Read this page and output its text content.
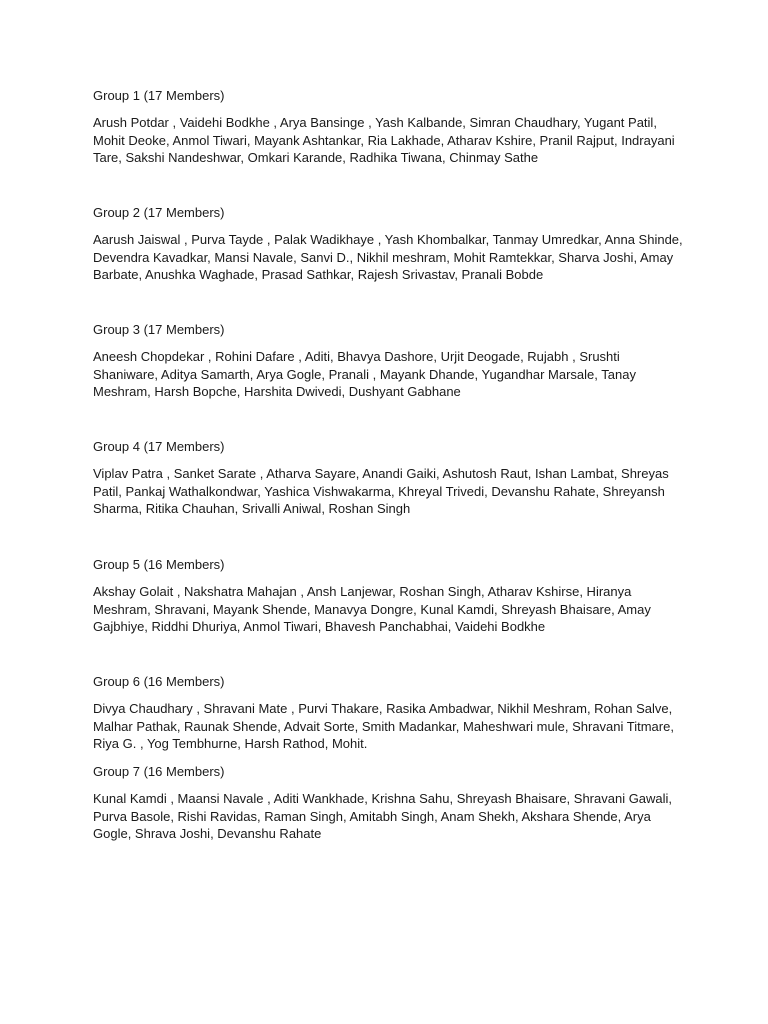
Group 1 (17 Members)

Arush Potdar , Vaidehi Bodkhe , Arya Bansinge , Yash Kalbande, Simran Chaudhary, Yugant Patil, Mohit Deoke, Anmol Tiwari, Mayank Ashtankar, Ria Lakhade, Atharav Kshire, Pranil Rajput, Indrayani Tare, Sakshi Nandeshwar, Omkari Karande, Radhika Tiwana, Chinmay Sathe

Group 2 (17 Members)

Aarush Jaiswal , Purva Tayde , Palak Wadikhaye , Yash Khombalkar, Tanmay Umredkar, Anna Shinde, Devendra Kavadkar, Mansi Navale, Sanvi D., Nikhil meshram, Mohit Ramtekkar, Sharva Joshi, Amay Barbate, Anushka Waghade, Prasad Sathkar, Rajesh Srivastav, Pranali Bobde

Group 3 (17 Members)

Aneesh Chopdekar , Rohini Dafare , Aditi, Bhavya Dashore, Urjit Deogade, Rujabh , Srushti Shaniware, Aditya Samarth, Arya Gogle, Pranali , Mayank Dhande, Yugandhar Marsale, Tanay Meshram, Harsh Bopche, Harshita Dwivedi, Dushyant Gabhane

Group 4 (17 Members)

Viplav Patra , Sanket Sarate , Atharva Sayare, Anandi Gaiki, Ashutosh Raut, Ishan Lambat, Shreyas Patil, Pankaj Wathalkondwar, Yashica Vishwakarma, Khreyal Trivedi, Devanshu Rahate, Shreyansh Sharma, Ritika Chauhan, Srivalli Aniwal, Roshan Singh

Group 5 (16 Members)

Akshay Golait , Nakshatra Mahajan , Ansh Lanjewar, Roshan Singh, Atharav Kshirse, Hiranya Meshram, Shravani, Mayank Shende, Manavya Dongre, Kunal Kamdi, Shreyash Bhaisare, Amay Gajbhiye, Riddhi Dhuriya, Anmol Tiwari, Bhavesh Panchabhai, Vaidehi Bodkhe

Group 6 (16 Members)

Divya Chaudhary , Shravani Mate , Purvi Thakare, Rasika Ambadwar, Nikhil Meshram, Rohan Salve, Malhar Pathak, Raunak Shende, Advait Sorte, Smith Madankar, Maheshwari mule, Shravani Titmare, Riya G. , Yog Tembhurne, Harsh Rathod, Mohit.

Group 7 (16 Members)

Kunal Kamdi , Maansi Navale , Aditi Wankhade, Krishna Sahu, Shreyash Bhaisare, Shravani Gawali, Purva Basole, Rishi Ravidas, Raman Singh, Amitabh Singh, Anam Shekh, Akshara Shende, Arya Gogle, Shrava Joshi, Devanshu Rahate
